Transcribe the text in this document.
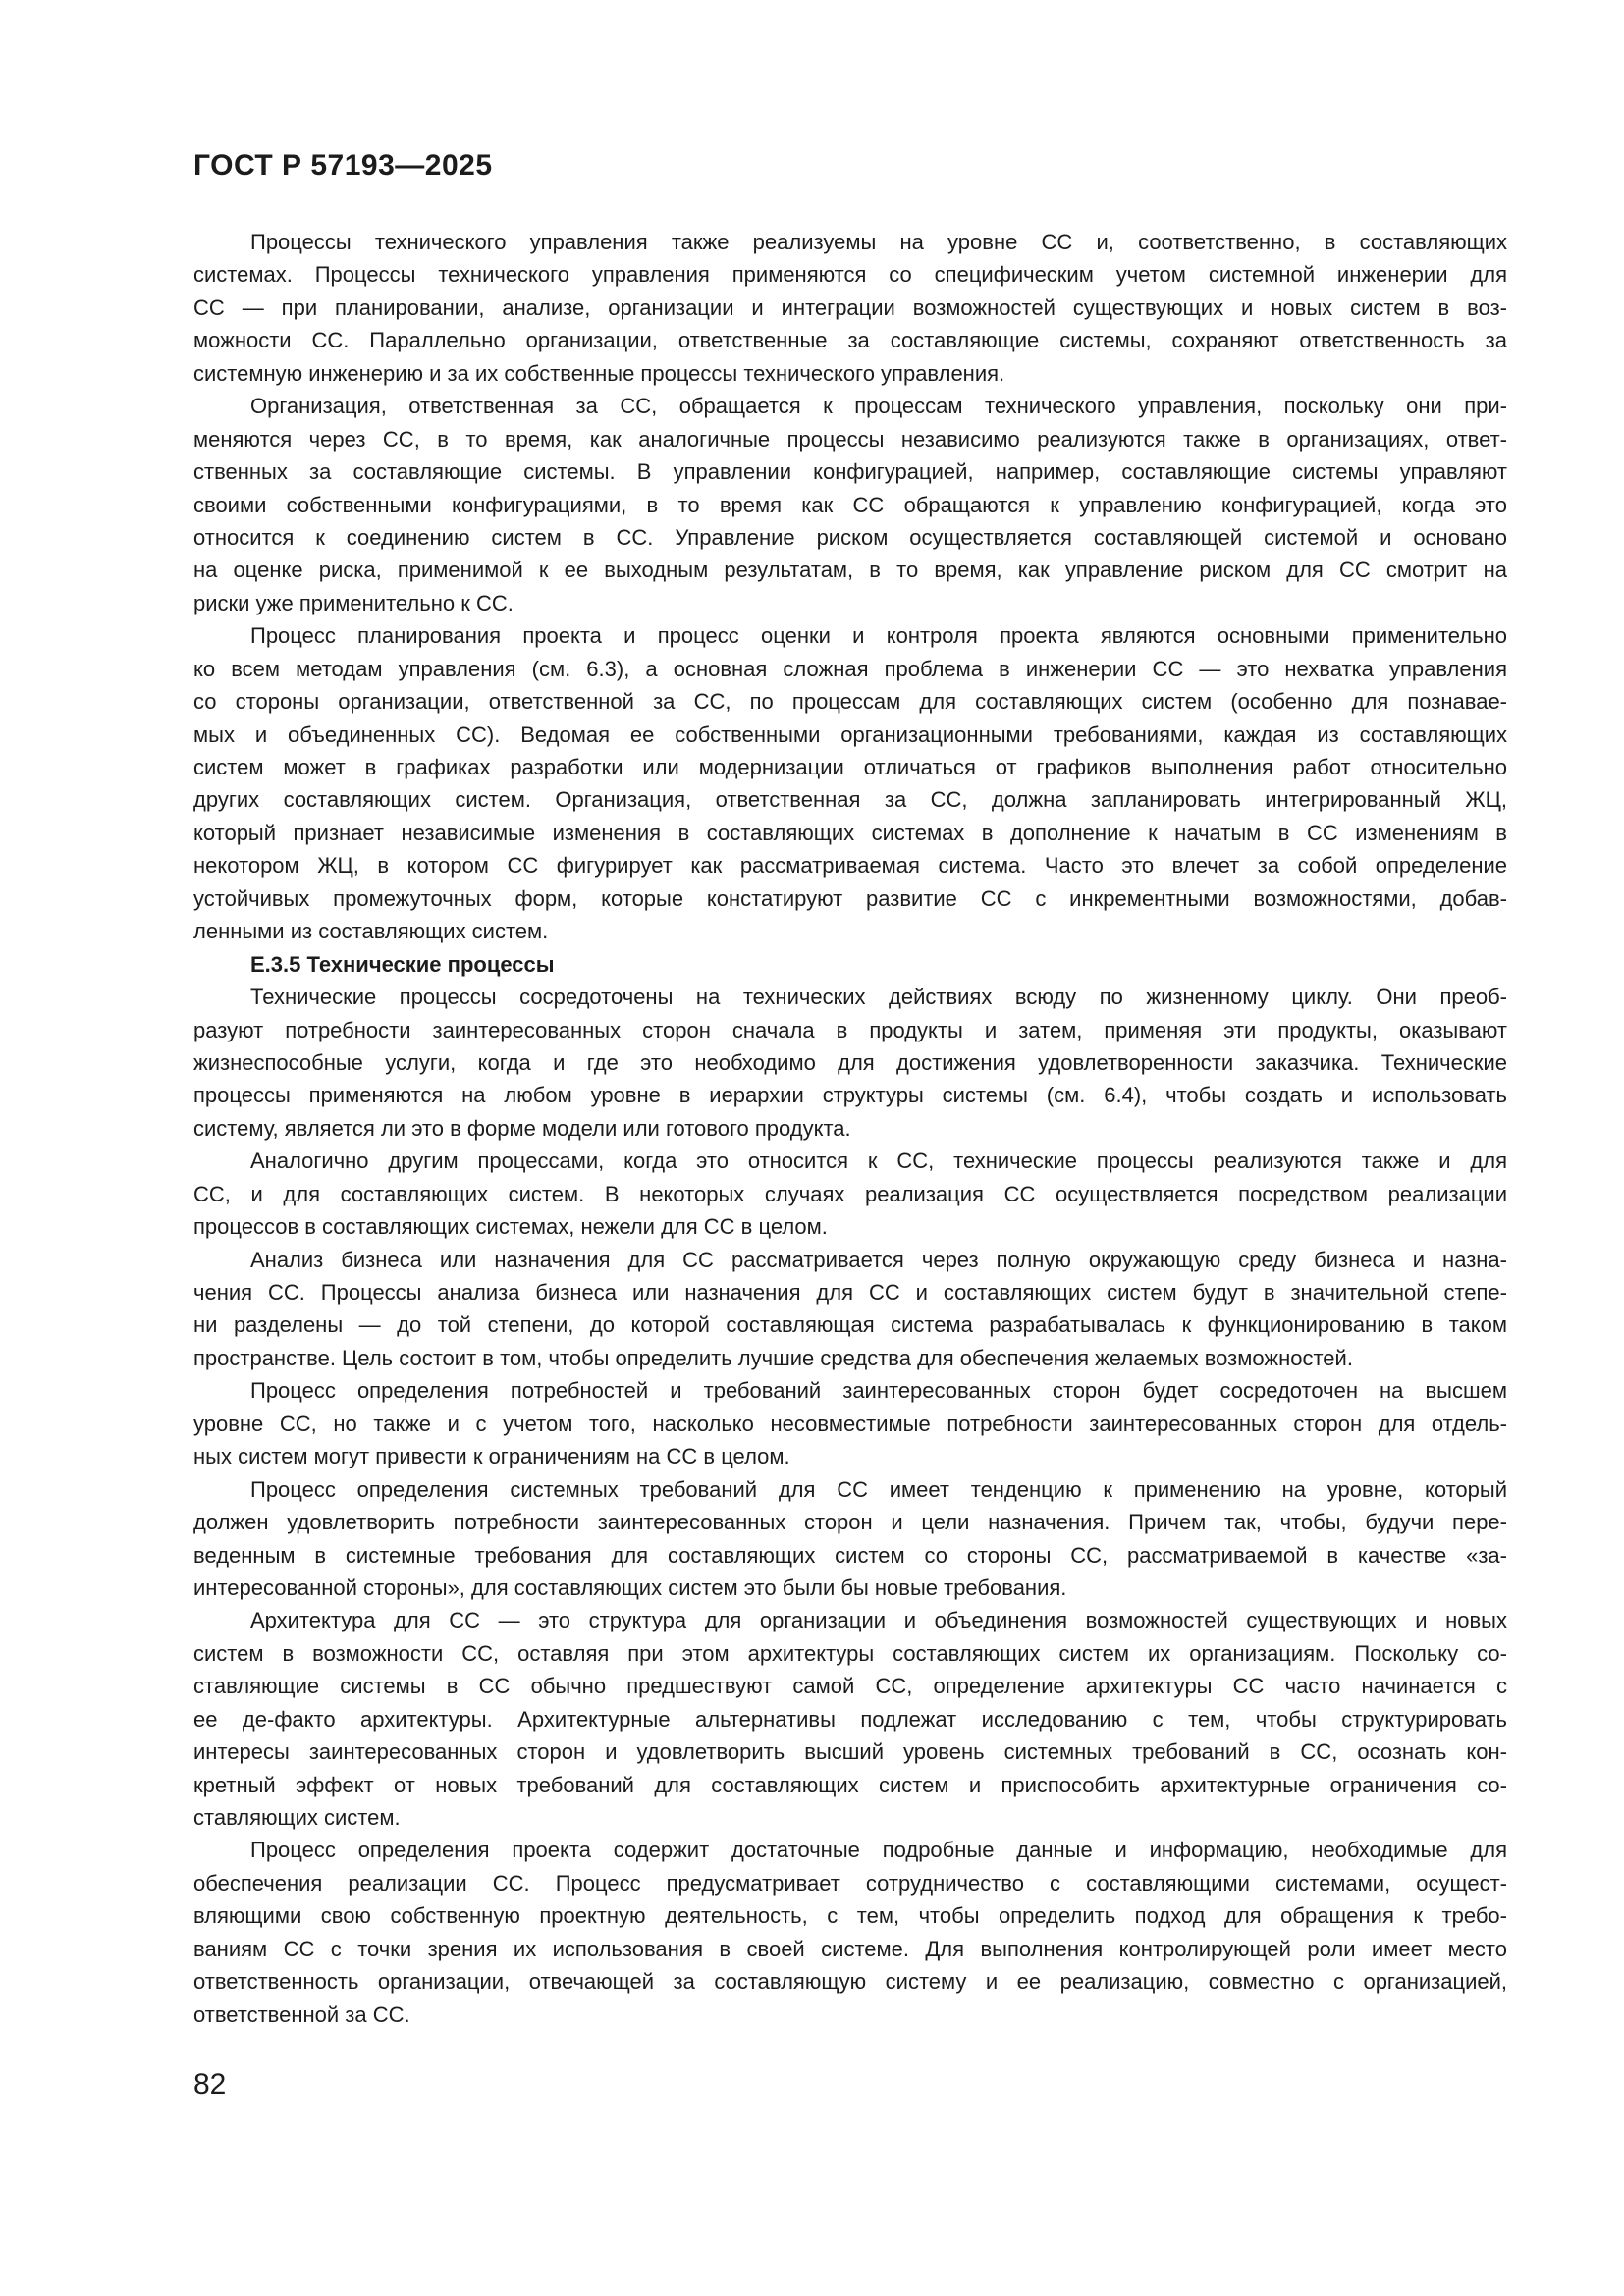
ГОСТ Р 57193—2025
Процессы технического управления также реализуемы на уровне СС и, соответственно, в составляющих
системах. Процессы технического управления применяются со специфическим учетом системной инженерии для
СС — при планировании, анализе, организации и интеграции возможностей существующих и новых систем в воз-
можности СС. Параллельно организации, ответственные за составляющие системы, сохраняют ответственность за
системную инженерию и за их собственные процессы технического управления.
Организация, ответственная за СС, обращается к процессам технического управления, поскольку они при-
меняются через СС, в то время, как аналогичные процессы независимо реализуются также в организациях, ответ-
ственных за составляющие системы. В управлении конфигурацией, например, составляющие системы управляют
своими собственными конфигурациями, в то время как СС обращаются к управлению конфигурацией, когда это
относится к соединению систем в СС. Управление риском осуществляется составляющей системой и основано
на оценке риска, применимой к ее выходным результатам, в то время, как управление риском для СС смотрит на
риски уже применительно к СС.
Процесс планирования проекта и процесс оценки и контроля проекта являются основными применительно
ко всем методам управления (см. 6.3), а основная сложная проблема в инженерии СС — это нехватка управления
со стороны организации, ответственной за СС, по процессам для составляющих систем (особенно для познавае-
мых и объединенных СС). Ведомая ее собственными организационными требованиями, каждая из составляющих
систем может в графиках разработки или модернизации отличаться от графиков выполнения работ относительно
других составляющих систем. Организация, ответственная за СС, должна запланировать интегрированный ЖЦ,
который признает независимые изменения в составляющих системах в дополнение к начатым в СС изменениям в
некотором ЖЦ, в котором СС фигурирует как рассматриваемая система. Часто это влечет за собой определение
устойчивых промежуточных форм, которые констатируют развитие СС с инкрементными возможностями, добав-
ленными из составляющих систем.
Е.3.5 Технические процессы
Технические процессы сосредоточены на технических действиях всюду по жизненному циклу. Они преоб-
разуют потребности заинтересованных сторон сначала в продукты и затем, применяя эти продукты, оказывают
жизнеспособные услуги, когда и где это необходимо для достижения удовлетворенности заказчика. Технические
процессы применяются на любом уровне в иерархии структуры системы (см. 6.4), чтобы создать и использовать
систему, является ли это в форме модели или готового продукта.
Аналогично другим процессами, когда это относится к СС, технические процессы реализуются также и для
СС, и для составляющих систем. В некоторых случаях реализация СС осуществляется посредством реализации
процессов в составляющих системах, нежели для СС в целом.
Анализ бизнеса или назначения для СС рассматривается через полную окружающую среду бизнеса и назна-
чения СС. Процессы анализа бизнеса или назначения для СС и составляющих систем будут в значительной степе-
ни разделены — до той степени, до которой составляющая система разрабатывалась к функционированию в таком
пространстве. Цель состоит в том, чтобы определить лучшие средства для обеспечения желаемых возможностей.
Процесс определения потребностей и требований заинтересованных сторон будет сосредоточен на высшем
уровне СС, но также и с учетом того, насколько несовместимые потребности заинтересованных сторон для отдель-
ных систем могут привести к ограничениям на СС в целом.
Процесс определения системных требований для СС имеет тенденцию к применению на уровне, который
должен удовлетворить потребности заинтересованных сторон и цели назначения. Причем так, чтобы, будучи пере-
веденным в системные требования для составляющих систем со стороны СС, рассматриваемой в качестве «за-
интересованной стороны», для составляющих систем это были бы новые требования.
Архитектура для СС — это структура для организации и объединения возможностей существующих и новых
систем в возможности СС, оставляя при этом архитектуры составляющих систем их организациям. Поскольку со-
ставляющие системы в СС обычно предшествуют самой СС, определение архитектуры СС часто начинается с
ее де-факто архитектуры. Архитектурные альтернативы подлежат исследованию с тем, чтобы структурировать
интересы заинтересованных сторон и удовлетворить высший уровень системных требований в СС, осознать кон-
кретный эффект от новых требований для составляющих систем и приспособить архитектурные ограничения со-
ставляющих систем.
Процесс определения проекта содержит достаточные подробные данные и информацию, необходимые для
обеспечения реализации СС. Процесс предусматривает сотрудничество с составляющими системами, осущест-
вляющими свою собственную проектную деятельность, с тем, чтобы определить подход для обращения к требо-
ваниям СС с точки зрения их использования в своей системе. Для выполнения контролирующей роли имеет место
ответственность организации, отвечающей за составляющую систему и ее реализацию, совместно с организацией,
ответственной за СС.
82
